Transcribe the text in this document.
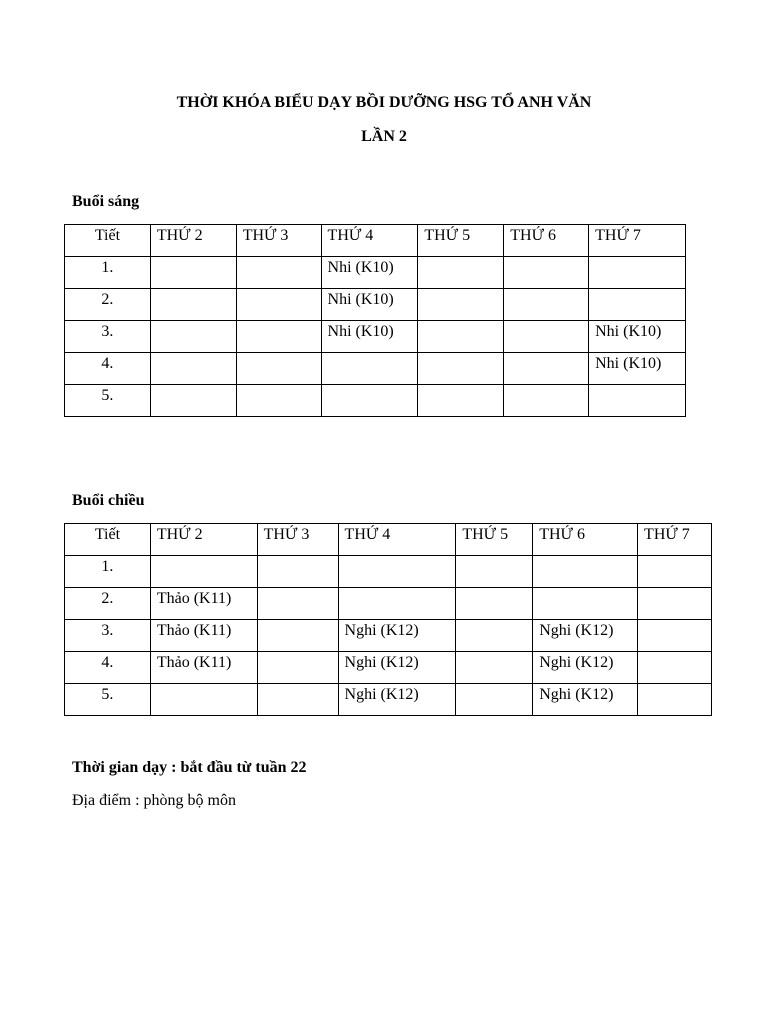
THỜI KHÓA BIỂU DẠY BỒI DƯỠNG HSG TỔ ANH VĂN
LẦN 2
Buổi sáng
Tiết	THỨ 2	THỨ 3	THỨ 4	THỨ 5	THỨ 6	THỨ 7
1.			Nhi (K10)			
2.			Nhi (K10)			
3.			Nhi (K10)			Nhi (K10)
4.						Nhi (K10)
5.						
Buổi chiều
Tiết	THỨ 2	THỨ 3	THỨ 4	THỨ 5	THỨ 6	THỨ 7
1.						
2.	Thảo (K11)					
3.	Thảo (K11)		Nghi (K12)		Nghi (K12)	
4.	Thảo (K11)		Nghi (K12)		Nghi (K12)	
5.			Nghi (K12)		Nghi (K12)	
Thời gian dạy : bắt đầu từ tuần 22
Địa điểm : phòng bộ môn
